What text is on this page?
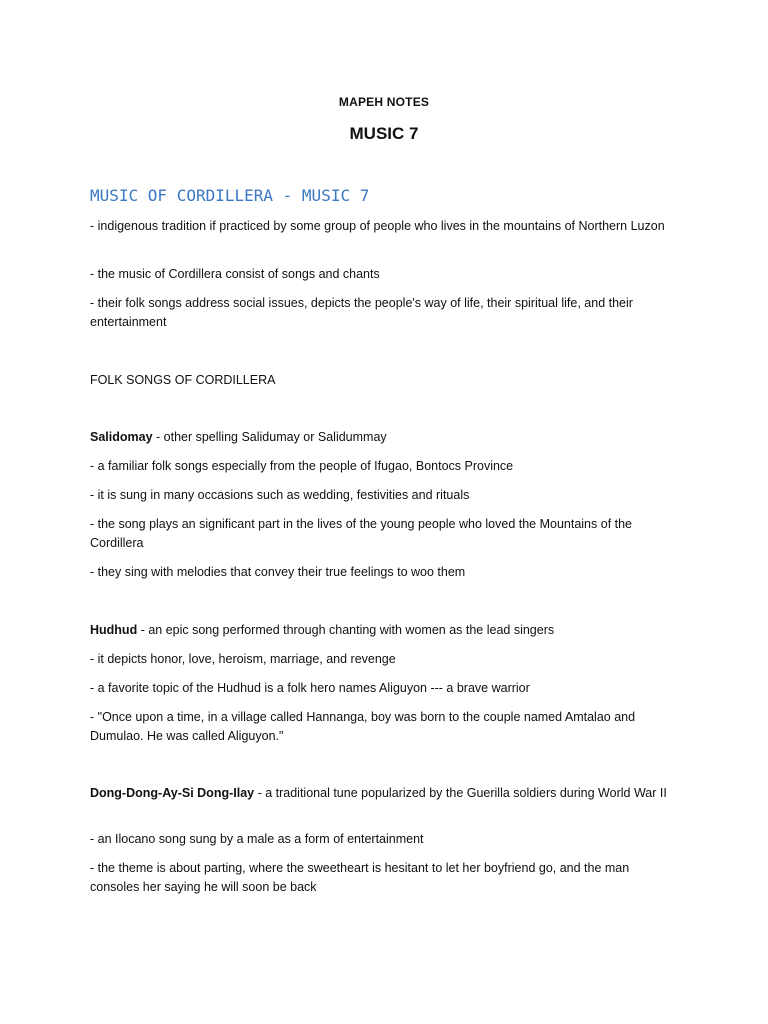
MAPEH NOTES
MUSIC 7
MUSIC OF CORDILLERA - MUSIC 7
- indigenous tradition if practiced by some group of people who lives in the mountains of Northern Luzon
- the music of Cordillera consist of songs and chants
- their folk songs address social issues, depicts the people's way of life, their spiritual life, and their entertainment
FOLK SONGS OF CORDILLERA
Salidomay - other spelling Salidumay or Salidummay
- a familiar folk songs especially from the people of Ifugao, Bontocs Province
- it is sung in many occasions such as wedding, festivities and rituals
- the song plays an significant part in the lives of the young people who loved the Mountains of the Cordillera
- they sing with melodies that convey their true feelings to woo them
Hudhud - an epic song performed through chanting with women as the lead singers
- it depicts honor, love, heroism, marriage, and revenge
- a favorite topic of the Hudhud is a folk hero names Aliguyon --- a brave warrior
- "Once upon a time, in a village called Hannanga, boy was born to the couple named Amtalao and Dumulao. He was called Aliguyon."
Dong-Dong-Ay-Si Dong-Ilay - a traditional tune popularized by the Guerilla soldiers during World War II
- an Ilocano song sung by a male as a form of entertainment
- the theme is about parting, where the sweetheart is hesitant to let her boyfriend go, and the man consoles her saying he will soon be back
